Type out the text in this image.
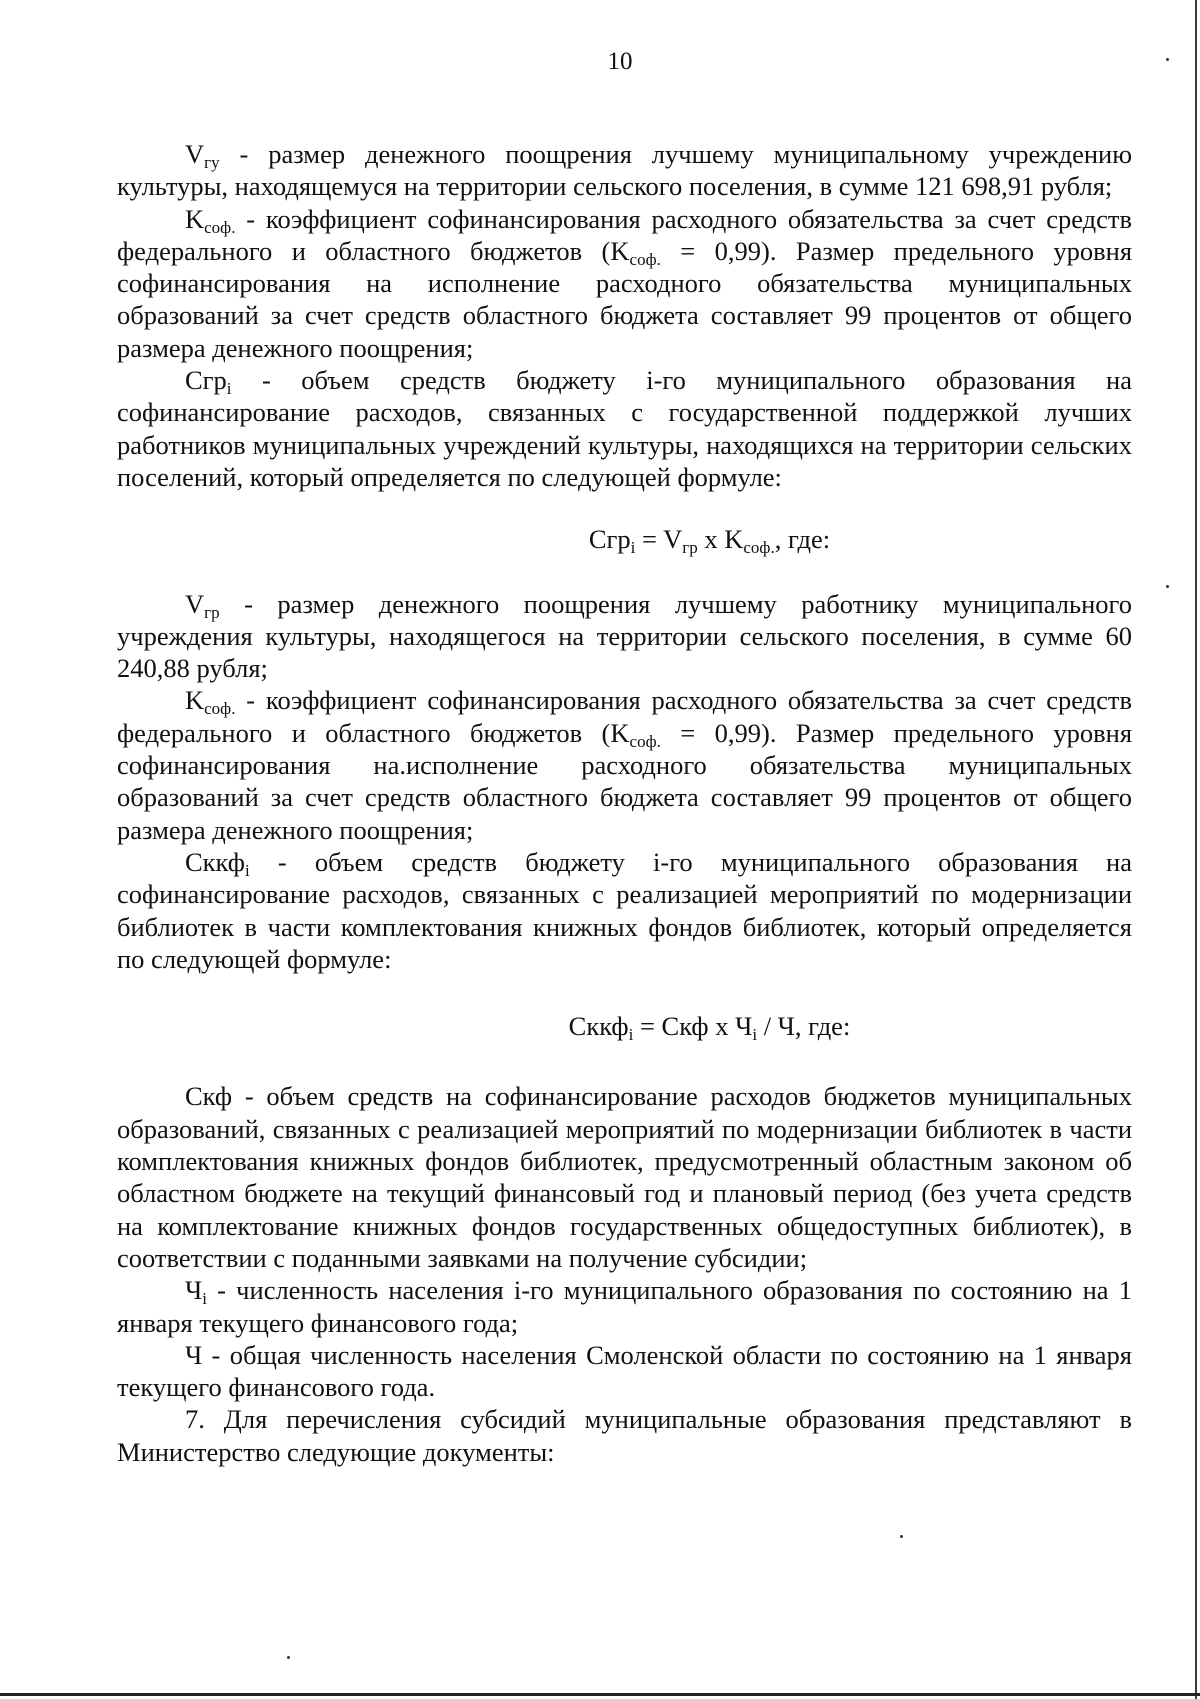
10

$V_{гу}$ - размер денежного поощрения лучшему муниципальному учреждению культуры, находящемуся на территории сельского поселения, в сумме 121 698,91 рубля;

$K_{соф.}$ - коэффициент софинансирования расходного обязательства за счет средств федерального и областного бюджетов $(K_{соф.} = 0,99)$. Размер предельного уровня софинансирования на исполнение расходного обязательства муниципальных образований за счет средств областного бюджета составляет 99 процентов от общего размера денежного поощрения;

Сгр$_i$ - объем средств бюджету i-го муниципального образования на софинансирование расходов, связанных с государственной поддержкой лучших работников муниципальных учреждений культуры, находящихся на территории сельских поселений, который определяется по следующей формуле:

$Сгр_i = V_{гр}$ x $K_{соф.}$, где:

$V_{гр}$ - размер денежного поощрения лучшему работнику муниципального учреждения культуры, находящегося на территории сельского поселения, в сумме 60 240,88 рубля;

$K_{соф.}$ - коэффициент софинансирования расходного обязательства за счет средств федерального и областного бюджетов $(K_{соф.} = 0,99)$. Размер предельного уровня софинансирования на.исполнение расходного обязательства муниципальных образований за счет средств областного бюджета составляет 99 процентов от общего размера денежного поощрения;

Сккф$_i$ - объем средств бюджету i-го муниципального образования на софинансирование расходов, связанных с реализацией мероприятий по модернизации библиотек в части комплектования книжных фондов библиотек, который определяется по следующей формуле:

Сккф$_i$ = Скф x $Ч_i$ / Ч, где:

Скф - объем средств на софинансирование расходов бюджетов муниципальных образований, связанных с реализацией мероприятий по модернизации библиотек в части комплектования книжных фондов библиотек, предусмотренный областным законом об областном бюджете на текущий финансовый год и плановый период (без учета средств на комплектование книжных фондов государственных общедоступных библиотек), в соответствии с поданными заявками на получение субсидии;

$Ч_i$ - численность населения i-го муниципального образования по состоянию на 1 января текущего финансового года;

Ч - общая численность населения Смоленской области по состоянию на 1 января текущего финансового года.

7. Для перечисления субсидий муниципальные образования представляют в Министерство следующие документы:
